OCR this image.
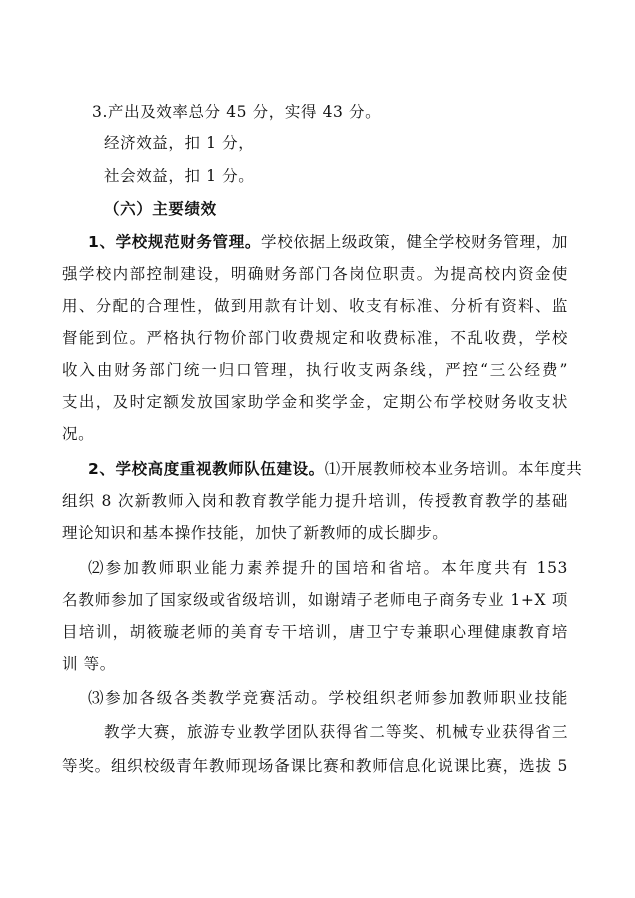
3.产出及效率总分 45 分，实得 43 分。
经济效益，扣 1 分，
社会效益，扣 1 分。
（六）主要绩效
1、学校规范财务管理。学校依据上级政策，健全学校财务管理，加
强学校内部控制建设，明确财务部门各岗位职责。为提高校内资金使
用、分配的合理性，做到用款有计划、收支有标准、分析有资料、监
督能到位。严格执行物价部门收费规定和收费标准，不乱收费，学校
收入由财务部门统一归口管理，执行收支两条线，严控“三公经费”
支出，及时定额发放国家助学金和奖学金，定期公布学校财务收支状
况。
2、学校高度重视教师队伍建设。⑴开展教师校本业务培训。本年度共
组织 8 次新教师入岗和教育教学能力提升培训，传授教育教学的基础
理论知识和基本操作技能，加快了新教师的成长脚步。
⑵参加教师职业能力素养提升的国培和省培。本年度共有 153
名教师参加了国家级或省级培训，如谢靖子老师电子商务专业 1+X 项
目培训，胡筱璇老师的美育专干培训，唐卫宁专兼职心理健康教育培
训 等。
⑶参加各级各类教学竞赛活动。学校组织老师参加教师职业技能
教学大赛，旅游专业教学团队获得省二等奖、机械专业获得省三
等奖。组织校级青年教师现场备课比赛和教师信息化说课比赛，选拔 5
